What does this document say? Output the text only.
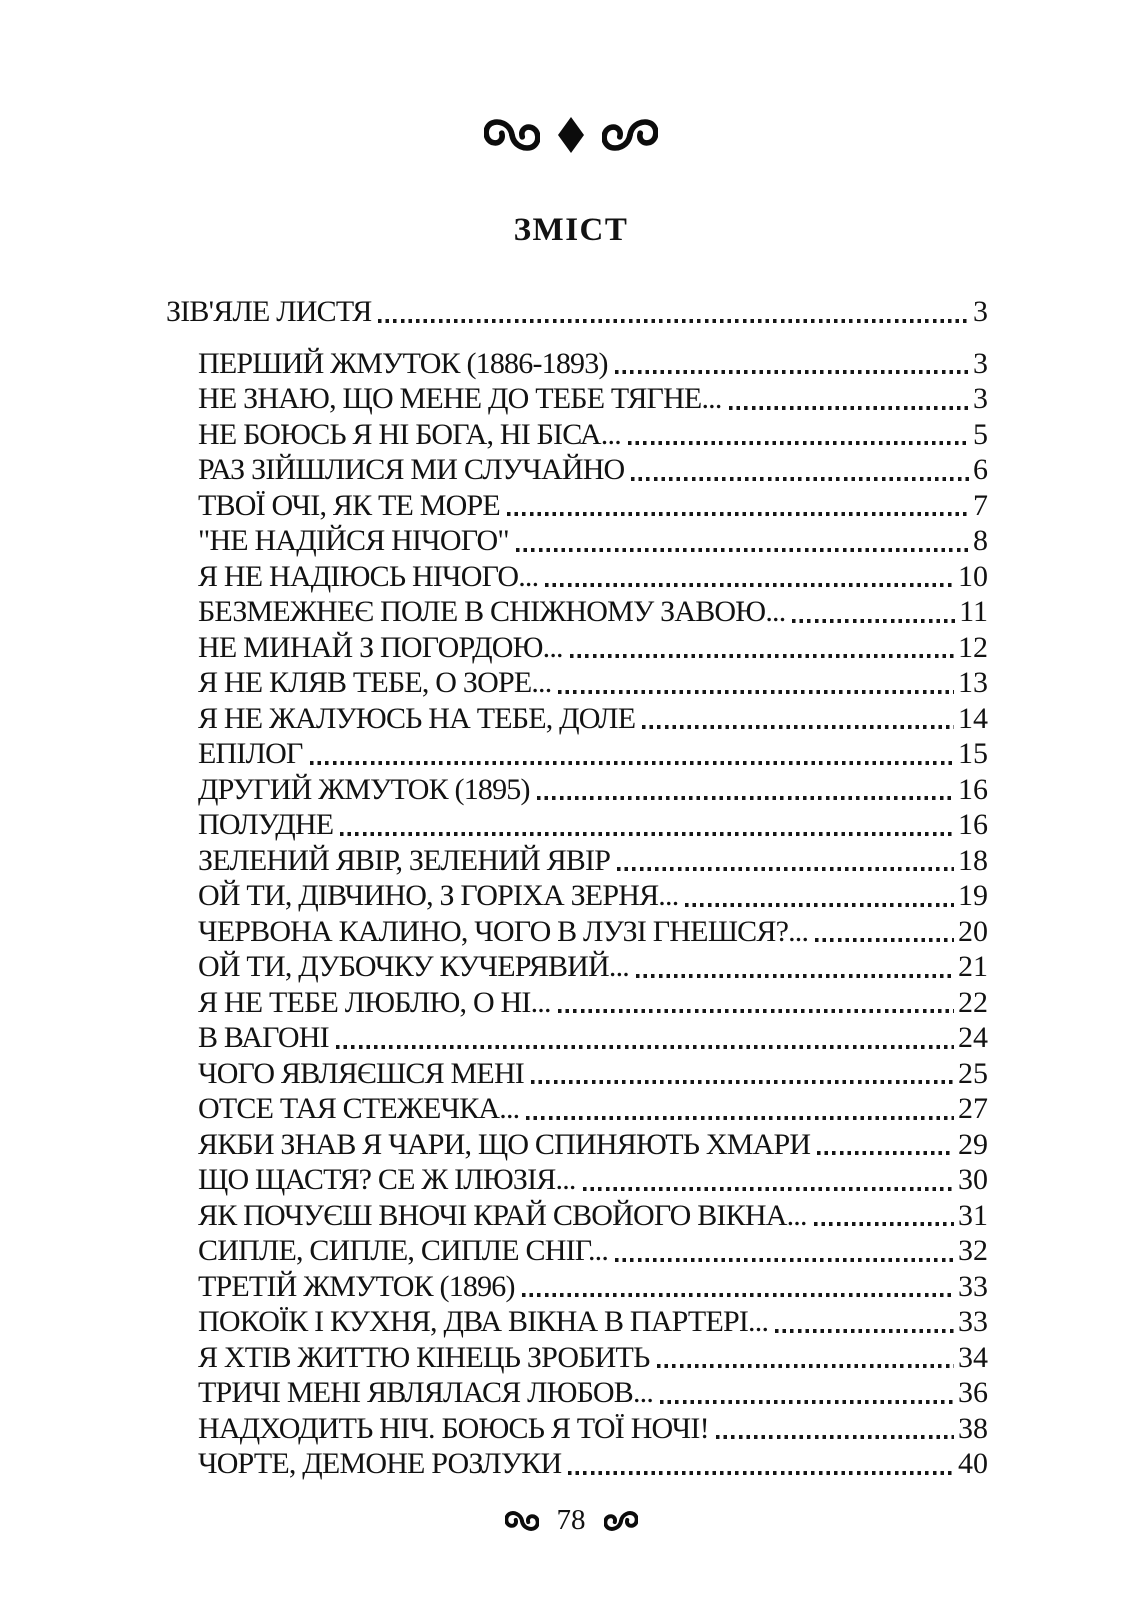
ЗМІСТ
ЗІВ'ЯЛЕ ЛИСТЯ	3
ПЕРШИЙ ЖМУТОК (1886-1893)	3
НЕ ЗНАЮ, ЩО МЕНЕ ДО ТЕБЕ ТЯГНЕ...	3
НЕ БОЮСЬ Я НІ БОГА, НІ БІСА...	5
РАЗ ЗІЙШЛИСЯ МИ СЛУЧАЙНО	6
ТВОЇ ОЧІ, ЯК ТЕ МОРЕ	7
"НЕ НАДІЙСЯ НІЧОГО"	8
Я НЕ НАДІЮСЬ НІЧОГО...	10
БЕЗМЕЖНЕЄ ПОЛЕ В СНІЖНОМУ ЗАВОЮ...	11
НЕ МИНАЙ З ПОГОРДОЮ...	12
Я НЕ КЛЯВ ТЕБЕ, О ЗОРЕ...	13
Я НЕ ЖАЛУЮСЬ НА ТЕБЕ, ДОЛЕ	14
ЕПІЛОГ	15
ДРУГИЙ ЖМУТОК (1895)	16
ПОЛУДНЕ	16
ЗЕЛЕНИЙ ЯВІР, ЗЕЛЕНИЙ ЯВІР	18
ОЙ ТИ, ДІВЧИНО, З ГОРІХА ЗЕРНЯ...	19
ЧЕРВОНА КАЛИНО, ЧОГО В ЛУЗІ ГНЕШСЯ?...	20
ОЙ ТИ, ДУБОЧКУ КУЧЕРЯВИЙ...	21
Я НЕ ТЕБЕ ЛЮБЛЮ, О НІ...	22
В ВАГОНІ	24
ЧОГО ЯВЛЯЄШСЯ МЕНІ	25
ОТСЕ ТАЯ СТЕЖЕЧКА...	27
ЯКБИ ЗНАВ Я ЧАРИ, ЩО СПИНЯЮТЬ ХМАРИ	29
ЩО ЩАСТЯ? СЕ Ж ІЛЮЗІЯ...	30
ЯК ПОЧУЄШ ВНОЧІ КРАЙ СВОЙОГО ВІКНА...	31
СИПЛЕ, СИПЛЕ, СИПЛЕ СНІГ...	32
ТРЕТІЙ ЖМУТОК (1896)	33
ПОКОЇК І КУХНЯ, ДВА ВІКНА В ПАРТЕРІ...	33
Я ХТІВ ЖИТТЮ КІНЕЦЬ ЗРОБИТЬ	34
ТРИЧІ МЕНІ ЯВЛЯЛАСЯ ЛЮБОВ...	36
НАДХОДИТЬ НІЧ. БОЮСЬ Я ТОЇ НОЧІ!	38
ЧОРТЕ, ДЕМОНЕ РОЗЛУКИ	40
78
